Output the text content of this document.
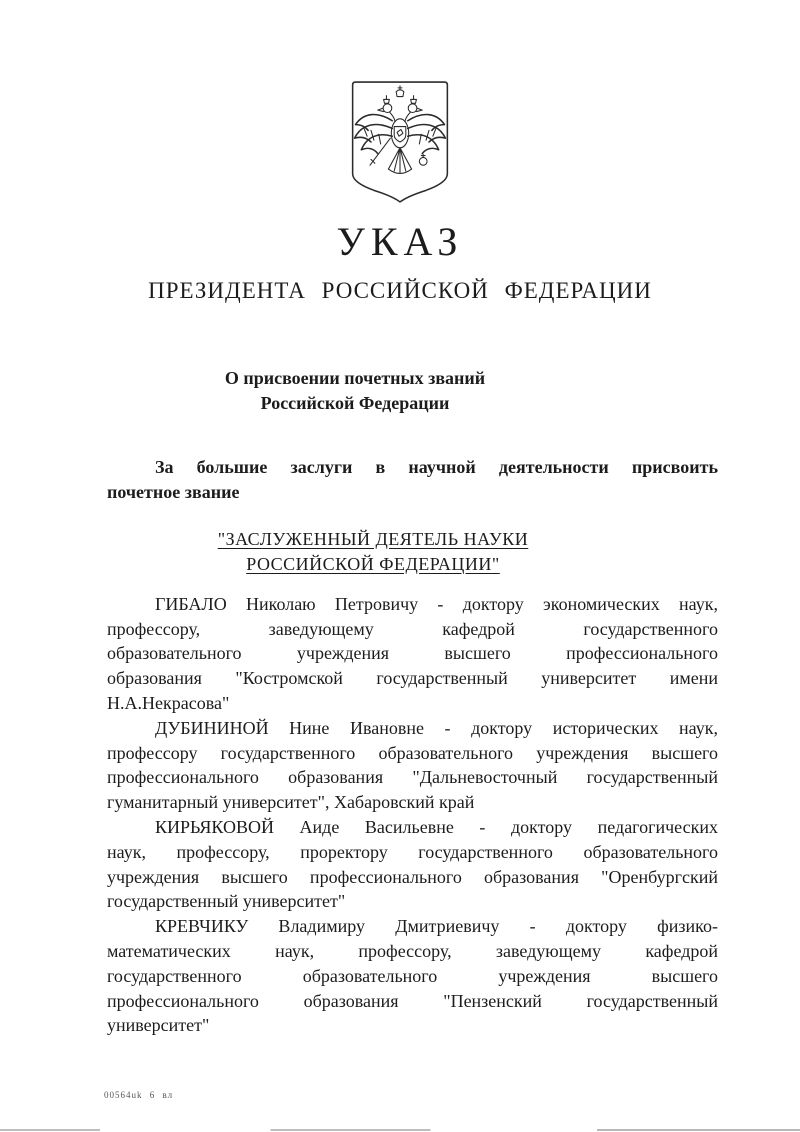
УКАЗ
ПРЕЗИДЕНТА РОССИЙСКОЙ ФЕДЕРАЦИИ
О присвоении почетных званий
Российской Федерации
За большие заслуги в научной деятельности присвоить
почетное звание
"ЗАСЛУЖЕННЫЙ ДЕЯТЕЛЬ НАУКИ
РОССИЙСКОЙ ФЕДЕРАЦИИ"
ГИБАЛО Николаю Петровичу - доктору экономических наук,
профессору, заведующему кафедрой государственного
образовательного учреждения высшего профессионального
образования "Костромской государственный университет имени
Н.А.Некрасова"
ДУБИНИНОЙ Нине Ивановне - доктору исторических наук,
профессору государственного образовательного учреждения высшего
профессионального образования "Дальневосточный государственный
гуманитарный университет", Хабаровский край
КИРЬЯКОВОЙ Аиде Васильевне - доктору педагогических
наук, профессору, проректору государственного образовательного
учреждения высшего профессионального образования "Оренбургский
государственный университет"
КРЕВЧИКУ Владимиру Дмитриевичу - доктору физико-
математических наук, профессору, заведующему кафедрой
государственного образовательного учреждения высшего
профессионального образования "Пензенский государственный
университет"
00564uk 6 вл
